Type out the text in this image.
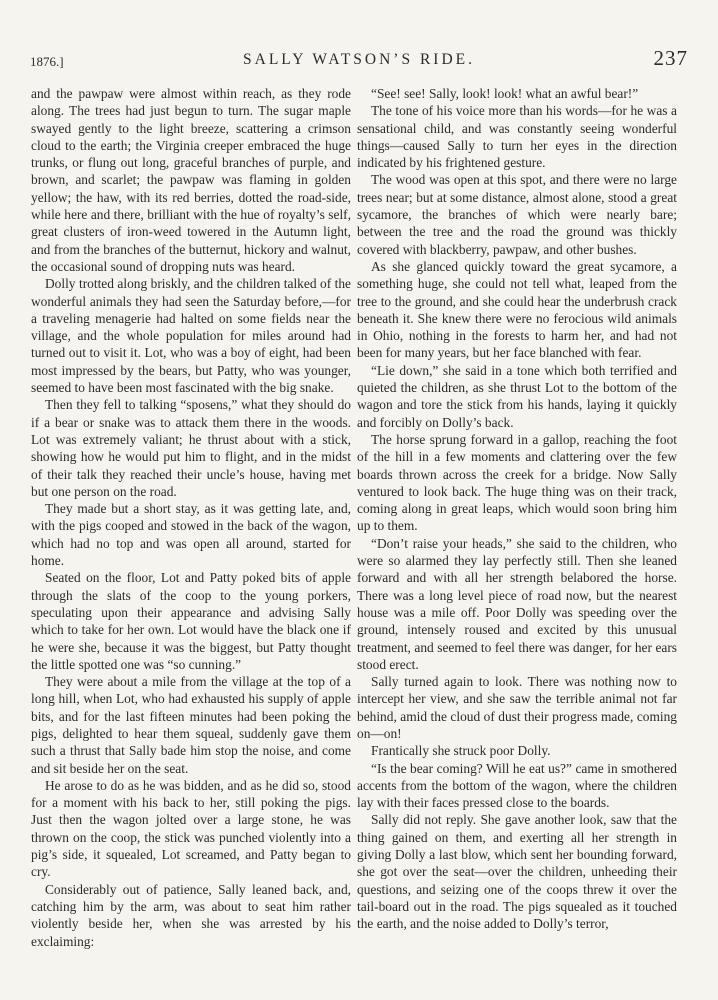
1876.]	SALLY WATSON’S RIDE.	237

and the pawpaw were almost within reach, as they rode along. The trees had just begun to turn. The sugar maple swayed gently to the light breeze, scattering a crimson cloud to the earth; the Virginia creeper embraced the huge trunks, or flung out long, graceful branches of purple, and brown, and scarlet; the pawpaw was flaming in golden yellow; the haw, with its red berries, dotted the road-side, while here and there, brilliant with the hue of royalty’s self, great clusters of iron-weed towered in the Autumn light, and from the branches of the butternut, hickory and walnut, the occasional sound of dropping nuts was heard.

Dolly trotted along briskly, and the children talked of the wonderful animals they had seen the Saturday before,—for a traveling menagerie had halted on some fields near the village, and the whole population for miles around had turned out to visit it. Lot, who was a boy of eight, had been most impressed by the bears, but Patty, who was younger, seemed to have been most fascinated with the big snake.

Then they fell to talking “sposens,” what they should do if a bear or snake was to attack them there in the woods. Lot was extremely valiant; he thrust about with a stick, showing how he would put him to flight, and in the midst of their talk they reached their uncle’s house, having met but one person on the road.

They made but a short stay, as it was getting late, and, with the pigs cooped and stowed in the back of the wagon, which had no top and was open all around, started for home.

Seated on the floor, Lot and Patty poked bits of apple through the slats of the coop to the young porkers, speculating upon their appearance and advising Sally which to take for her own. Lot would have the black one if he were she, because it was the biggest, but Patty thought the little spotted one was “so cunning.”

They were about a mile from the village at the top of a long hill, when Lot, who had exhausted his supply of apple bits, and for the last fifteen minutes had been poking the pigs, delighted to hear them squeal, suddenly gave them such a thrust that Sally bade him stop the noise, and come and sit beside her on the seat.

He arose to do as he was bidden, and as he did so, stood for a moment with his back to her, still poking the pigs. Just then the wagon jolted over a large stone, he was thrown on the coop, the stick was punched violently into a pig’s side, it squealed, Lot screamed, and Patty began to cry.

Considerably out of patience, Sally leaned back, and, catching him by the arm, was about to seat him rather violently beside her, when she was arrested by his exclaiming:

“See! see! Sally, look! look! what an awful bear!”

The tone of his voice more than his words—for he was a sensational child, and was constantly seeing wonderful things—caused Sally to turn her eyes in the direction indicated by his frightened gesture.

The wood was open at this spot, and there were no large trees near; but at some distance, almost alone, stood a great sycamore, the branches of which were nearly bare; between the tree and the road the ground was thickly covered with blackberry, pawpaw, and other bushes.

As she glanced quickly toward the great sycamore, a something huge, she could not tell what, leaped from the tree to the ground, and she could hear the underbrush crack beneath it. She knew there were no ferocious wild animals in Ohio, nothing in the forests to harm her, and had not been for many years, but her face blanched with fear.

“Lie down,” she said in a tone which both terrified and quieted the children, as she thrust Lot to the bottom of the wagon and tore the stick from his hands, laying it quickly and forcibly on Dolly’s back.

The horse sprung forward in a gallop, reaching the foot of the hill in a few moments and clattering over the few boards thrown across the creek for a bridge. Now Sally ventured to look back. The huge thing was on their track, coming along in great leaps, which would soon bring him up to them.

“Don’t raise your heads,” she said to the children, who were so alarmed they lay perfectly still. Then she leaned forward and with all her strength belabored the horse. There was a long level piece of road now, but the nearest house was a mile off. Poor Dolly was speeding over the ground, intensely roused and excited by this unusual treatment, and seemed to feel there was danger, for her ears stood erect.

Sally turned again to look. There was nothing now to intercept her view, and she saw the terrible animal not far behind, amid the cloud of dust their progress made, coming on—on!

Frantically she struck poor Dolly.

“Is the bear coming? Will he eat us?” came in smothered accents from the bottom of the wagon, where the children lay with their faces pressed close to the boards.

Sally did not reply. She gave another look, saw that the thing gained on them, and exerting all her strength in giving Dolly a last blow, which sent her bounding forward, she got over the seat—over the children, unheeding their questions, and seizing one of the coops threw it over the tail-board out in the road. The pigs squealed as it touched the earth, and the noise added to Dolly’s terror,
